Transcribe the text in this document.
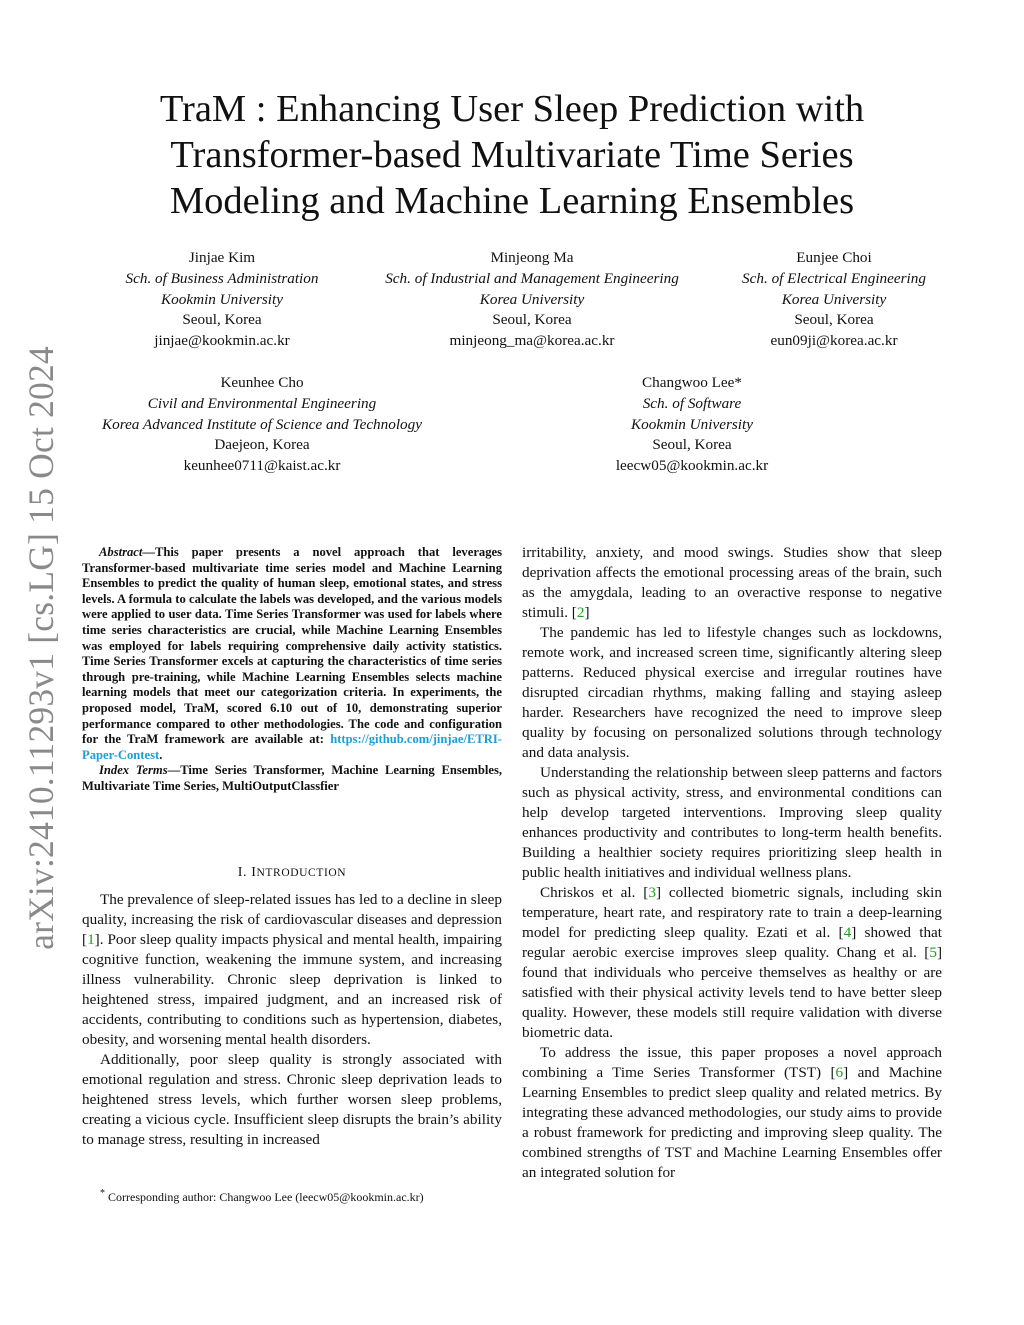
arXiv:2410.11293v1 [cs.LG] 15 Oct 2024
TraM : Enhancing User Sleep Prediction with Transformer-based Multivariate Time Series Modeling and Machine Learning Ensembles
Jinjae Kim
Sch. of Business Administration
Kookmin University
Seoul, Korea
jinjae@kookmin.ac.kr
Minjeong Ma
Sch. of Industrial and Management Engineering
Korea University
Seoul, Korea
minjeong_ma@korea.ac.kr
Eunjee Choi
Sch. of Electrical Engineering
Korea University
Seoul, Korea
eun09ji@korea.ac.kr
Keunhee Cho
Civil and Environmental Engineering
Korea Advanced Institute of Science and Technology
Daejeon, Korea
keunhee0711@kaist.ac.kr
Changwoo Lee*
Sch. of Software
Kookmin University
Seoul, Korea
leecw05@kookmin.ac.kr
Abstract—This paper presents a novel approach that leverages Transformer-based multivariate time series model and Machine Learning Ensembles to predict the quality of human sleep, emotional states, and stress levels. A formula to calculate the labels was developed, and the various models were applied to user data. Time Series Transformer was used for labels where time series characteristics are crucial, while Machine Learning Ensembles was employed for labels requiring comprehensive daily activity statistics. Time Series Transformer excels at capturing the characteristics of time series through pre-training, while Machine Learning Ensembles selects machine learning models that meet our categorization criteria. In experiments, the proposed model, TraM, scored 6.10 out of 10, demonstrating superior performance compared to other methodologies. The code and configuration for the TraM framework are available at: https://github.com/jinjae/ETRI-Paper-Contest.
Index Terms—Time Series Transformer, Machine Learning Ensembles, Multivariate Time Series, MultiOutputClassfier
I. INTRODUCTION

The prevalence of sleep-related issues has led to a decline in sleep quality, increasing the risk of cardiovascular diseases and depression [1]. Poor sleep quality impacts physical and mental health, impairing cognitive function, weakening the immune system, and increasing illness vulnerability. Chronic sleep deprivation is linked to heightened stress, impaired judgment, and an increased risk of accidents, contributing to conditions such as hypertension, diabetes, obesity, and worsening mental health disorders.

Additionally, poor sleep quality is strongly associated with emotional regulation and stress. Chronic sleep deprivation leads to heightened stress levels, which further worsen sleep problems, creating a vicious cycle. Insufficient sleep disrupts the brain’s ability to manage stress, resulting in increased

irritability, anxiety, and mood swings. Studies show that sleep deprivation affects the emotional processing areas of the brain, such as the amygdala, leading to an overactive response to negative stimuli. [2]

The pandemic has led to lifestyle changes such as lockdowns, remote work, and increased screen time, significantly altering sleep patterns. Reduced physical exercise and irregular routines have disrupted circadian rhythms, making falling and staying asleep harder. Researchers have recognized the need to improve sleep quality by focusing on personalized solutions through technology and data analysis.

Understanding the relationship between sleep patterns and factors such as physical activity, stress, and environmental conditions can help develop targeted interventions. Improving sleep quality enhances productivity and contributes to long-term health benefits. Building a healthier society requires prioritizing sleep health in public health initiatives and individual wellness plans.

Chriskos et al. [3] collected biometric signals, including skin temperature, heart rate, and respiratory rate to train a deep-learning model for predicting sleep quality. Ezati et al. [4] showed that regular aerobic exercise improves sleep quality. Chang et al. [5] found that individuals who perceive themselves as healthy or are satisfied with their physical activity levels tend to have better sleep quality. However, these models still require validation with diverse biometric data.

To address the issue, this paper proposes a novel approach combining a Time Series Transformer (TST) [6] and Machine Learning Ensembles to predict sleep quality and related metrics. By integrating these advanced methodologies, our study aims to provide a robust framework for predicting and improving sleep quality. The combined strengths of TST and Machine Learning Ensembles offer an integrated solution for

* Corresponding author: Changwoo Lee (leecw05@kookmin.ac.kr)
